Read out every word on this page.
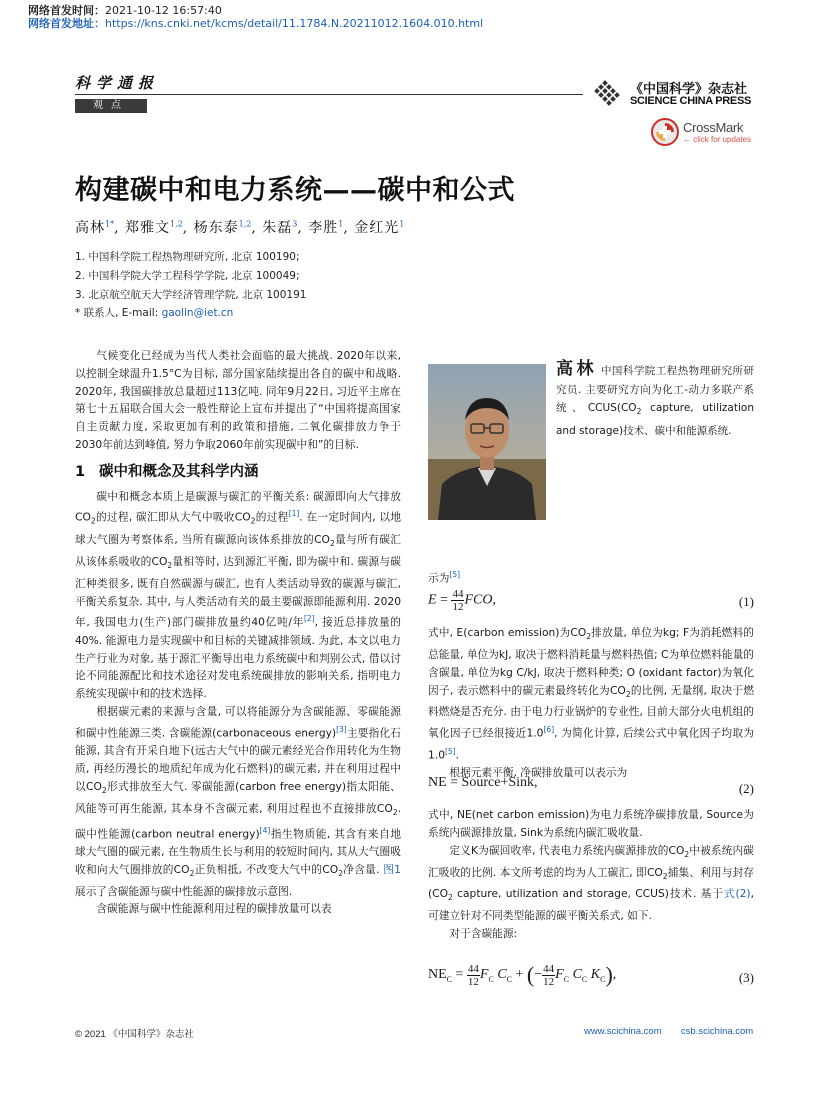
网络首发时间：2021-10-12 16:57:40
网络首发地址：https://kns.cnki.net/kcms/detail/11.1784.N.20211012.1604.010.html
科学通报
观点
《中国科学》杂志社
SCIENCE CHINA PRESS
CrossMark
← click for updates
构建碳中和电力系统——碳中和公式
高林$^{1*}$, 郑雅文$^{1,2}$, 杨东泰$^{1,2}$, 朱磊$^3$, 李胜$^1$, 金红光$^1$
1. 中国科学院工程热物理研究所, 北京 100190;
2. 中国科学院大学工程科学学院, 北京 100049;
3. 北京航空航天大学经济管理学院, 北京 100191
* 联系人, E-mail: gaolin@iet.cn

气候变化已经成为当代人类社会面临的最大挑战. 2020年以来, 以控制全球温升1.5°C为目标, 部分国家陆续提出各自的碳中和战略. 2020年, 我国碳排放总量超过113亿吨. 同年9月22日, 习近平主席在第七十五届联合国大会一般性辩论上宣布并提出了“中国将提高国家自主贡献力度, 采取更加有利的政策和措施, 二氧化碳排放力争于2030年前达到峰值, 努力争取2060年前实现碳中和”的目标.

1 碳中和概念及其科学内涵

碳中和概念本质上是碳源与碳汇的平衡关系: 碳源即向大气排放$CO_2$的过程, 碳汇即从大气中吸收$CO_2$的过程[1]. 在一定时间内, 以地球大气圈为考察体系, 当所有碳源向该体系排放的$CO_2$量与所有碳汇从该体系吸收的$CO_2$量相等时, 达到源汇平衡, 即为碳中和. 碳源与碳汇种类很多, 既有自然碳源与碳汇, 也有人类活动导致的碳源与碳汇, 平衡关系复杂. 其中, 与人类活动有关的最主要碳源即能源利用. 2020年, 我国电力(生产)部门碳排放量约40亿吨/年[2], 接近总排放量的40%. 能源电力是实现碳中和目标的关键减排领域. 为此, 本文以电力生产行业为对象, 基于源汇平衡导出电力系统碳中和判别公式, 借以讨论不同能源配比和技术途径对发电系统碳排放的影响关系, 指明电力系统实现碳中和的技术选择.

根据碳元素的来源与含量, 可以将能源分为含碳能源、零碳能源和碳中性能源三类. 含碳能源(carbonaceous energy)[3]主要指化石能源, 其含有开采自地下(远古大气中的碳元素经光合作用转化为生物质, 再经历漫长的地质纪年成为化石燃料)的碳元素, 并在利用过程中以$CO_2$形式排放至大气. 零碳能源(carbon free energy)指太阳能、风能等可再生能源, 其本身不含碳元素, 利用过程也不直接排放$CO_2$. 碳中性能源(carbon neutral energy)[4]指生物质能, 其含有来自地球大气圈的碳元素, 在生物质生长与利用的较短时间内, 其从大气圈吸收和向大气圈排放的$CO_2$正负相抵, 不改变大气中的$CO_2$净含量. 图1展示了含碳能源与碳中性能源的碳排放示意图.

含碳能源与碳中性能源利用过程的碳排放量可以表

高林 中国科学院工程热物理研究所研究员. 主要研究方向为化工-动力多联产系统、$CCUS(CO_2$ capture, utilization and storage)技术、碳中和能源系统.
示为[5]
$E = \frac{44}{12}$ FCO,	(1)

式中, E(carbon emission)为$CO_2$排放量, 单位为kg; F为消耗燃料的总能量, 单位为kJ, 取决于燃料消耗量与燃料热值; C为单位燃料能量的含碳量, 单位为kg C/kJ, 取决于燃料种类; O (oxidant factor)为氧化因子, 表示燃料中的碳元素最终转化为$CO_2$的比例, 无量纲, 取决于燃料燃烧是否充分. 由于电力行业锅炉的专业性, 目前大部分火电机组的氧化因子已经很接近1.0[6], 为简化计算, 后续公式中氧化因子均取为1.0[5].

根据元素平衡, 净碳排放量可以表示为

NE = Source+Sink,	(2)

式中, NE(net carbon emission)为电力系统净碳排放量, Source为系统内碳源排放量, Sink为系统内碳汇吸收量.

定义K为碳回收率, 代表电力系统内碳源排放的$CO_2$中被系统内碳汇吸收的比例. 本文所考虑的均为人工碳汇, 即$CO_2$捕集、利用与封存($CO_2$ capture, utilization and storage, CCUS)技术. 基于式(2), 可建立针对不同类型能源的碳平衡关系式, 如下.

对于含碳能源:

$NE_C = \frac{44}{12} F_C$ $C_C$ + (− $\frac{44}{12} F_C$ $C_C$ $K_C$),	(3)
© 2021 《中国科学》杂志社	www.scichina.com csb.scichina.com
